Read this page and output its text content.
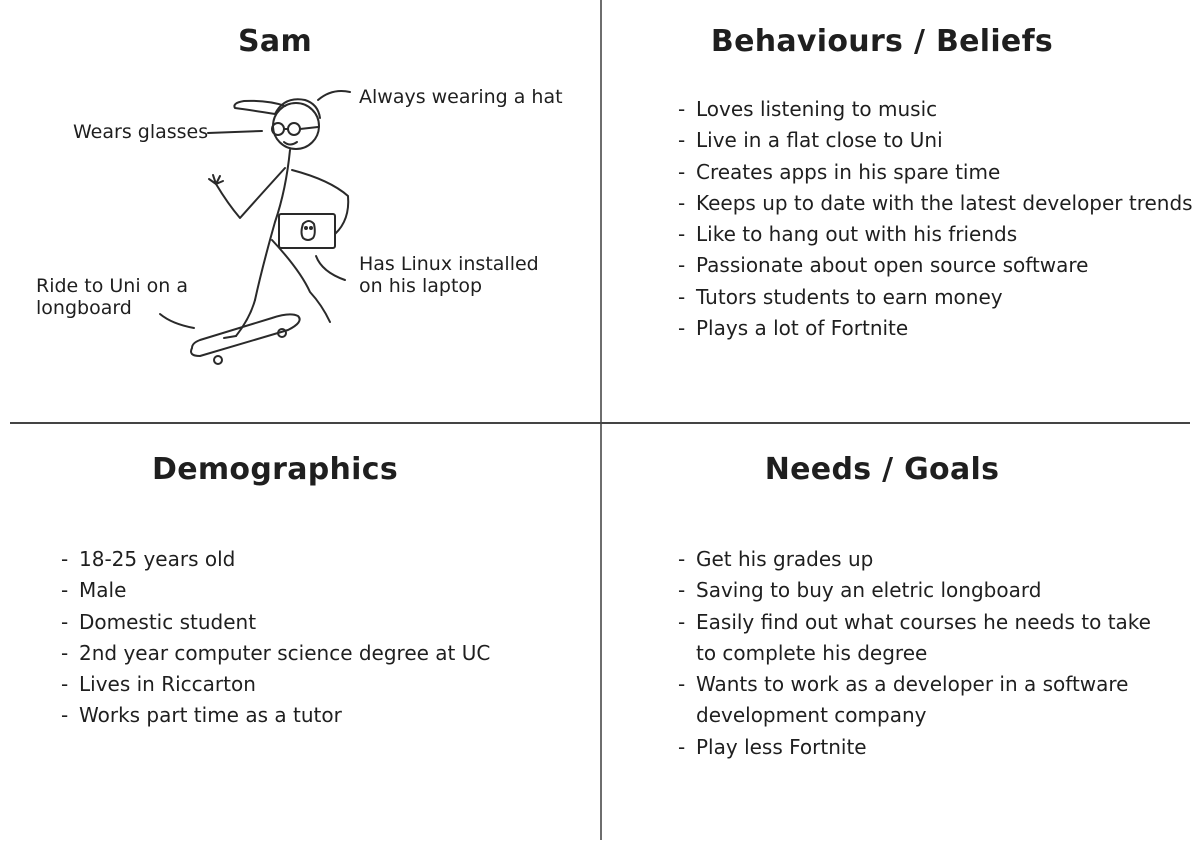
Sam
Always wearing a hat
Wears glasses
Has Linux installed
on his laptop
Ride to Uni on a
longboard
Behaviours / Beliefs
- Loves listening to music
- Live in a flat close to Uni
- Creates apps in his spare time
- Keeps up to date with the latest developer trends
- Like to hang out with his friends
- Passionate about open source software
- Tutors students to earn money
- Plays a lot of Fortnite
Demographics
- 18-25 years old
- Male
- Domestic student
- 2nd year computer science degree at UC
- Lives in Riccarton
- Works part time as a tutor
Needs / Goals
- Get his grades up
- Saving to buy an eletric longboard
- Easily find out what courses he needs to take
to complete his degree
- Wants to work as a developer in a software
development company
- Play less Fortnite
